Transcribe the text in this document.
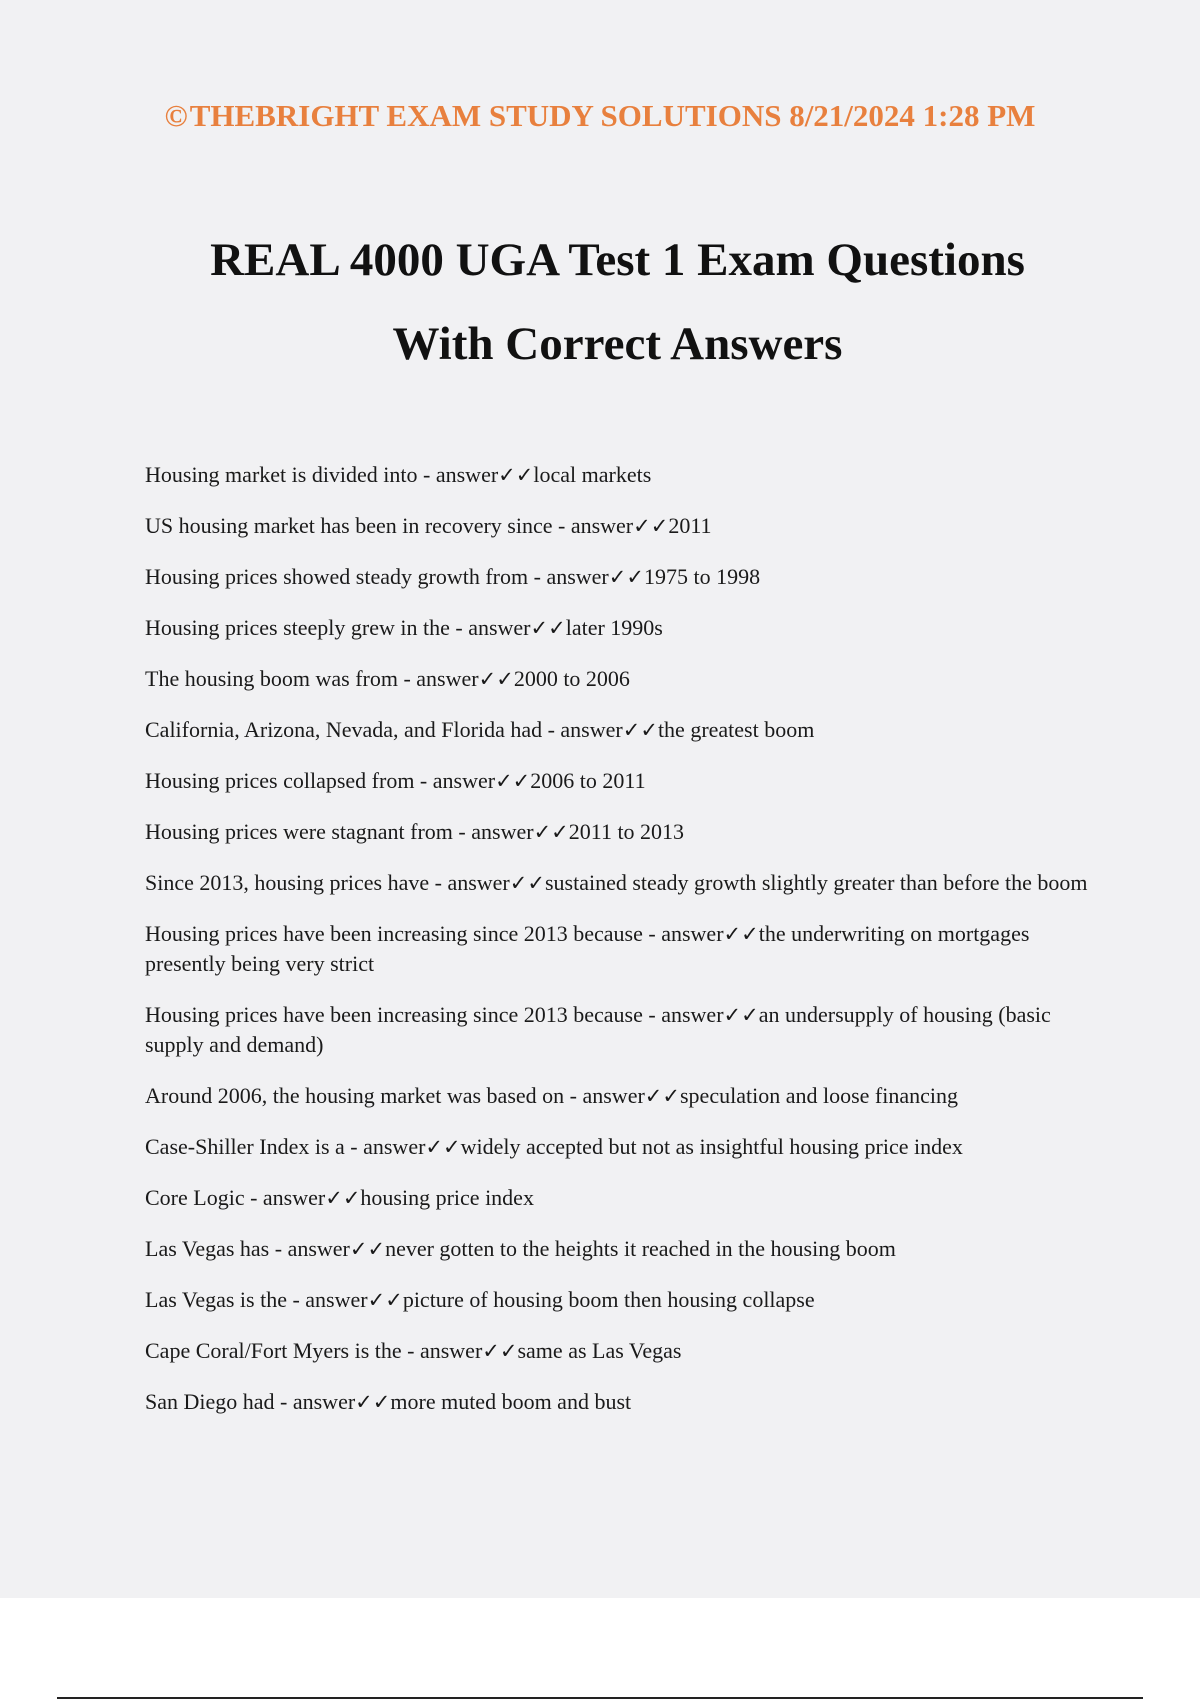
©THEBRIGHT EXAM STUDY SOLUTIONS 8/21/2024 1:28 PM
REAL 4000 UGA Test 1 Exam Questions
With Correct Answers
Housing market is divided into - answer✓✓local markets
US housing market has been in recovery since - answer✓✓2011
Housing prices showed steady growth from - answer✓✓1975 to 1998
Housing prices steeply grew in the - answer✓✓later 1990s
The housing boom was from - answer✓✓2000 to 2006
California, Arizona, Nevada, and Florida had - answer✓✓the greatest boom
Housing prices collapsed from - answer✓✓2006 to 2011
Housing prices were stagnant from - answer✓✓2011 to 2013
Since 2013, housing prices have - answer✓✓sustained steady growth slightly greater than before the boom
Housing prices have been increasing since 2013 because - answer✓✓the underwriting on mortgages presently being very strict
Housing prices have been increasing since 2013 because - answer✓✓an undersupply of housing (basic supply and demand)
Around 2006, the housing market was based on - answer✓✓speculation and loose financing
Case-Shiller Index is a - answer✓✓widely accepted but not as insightful housing price index
Core Logic - answer✓✓housing price index
Las Vegas has - answer✓✓never gotten to the heights it reached in the housing boom
Las Vegas is the - answer✓✓picture of housing boom then housing collapse
Cape Coral/Fort Myers is the - answer✓✓same as Las Vegas
San Diego had - answer✓✓more muted boom and bust
